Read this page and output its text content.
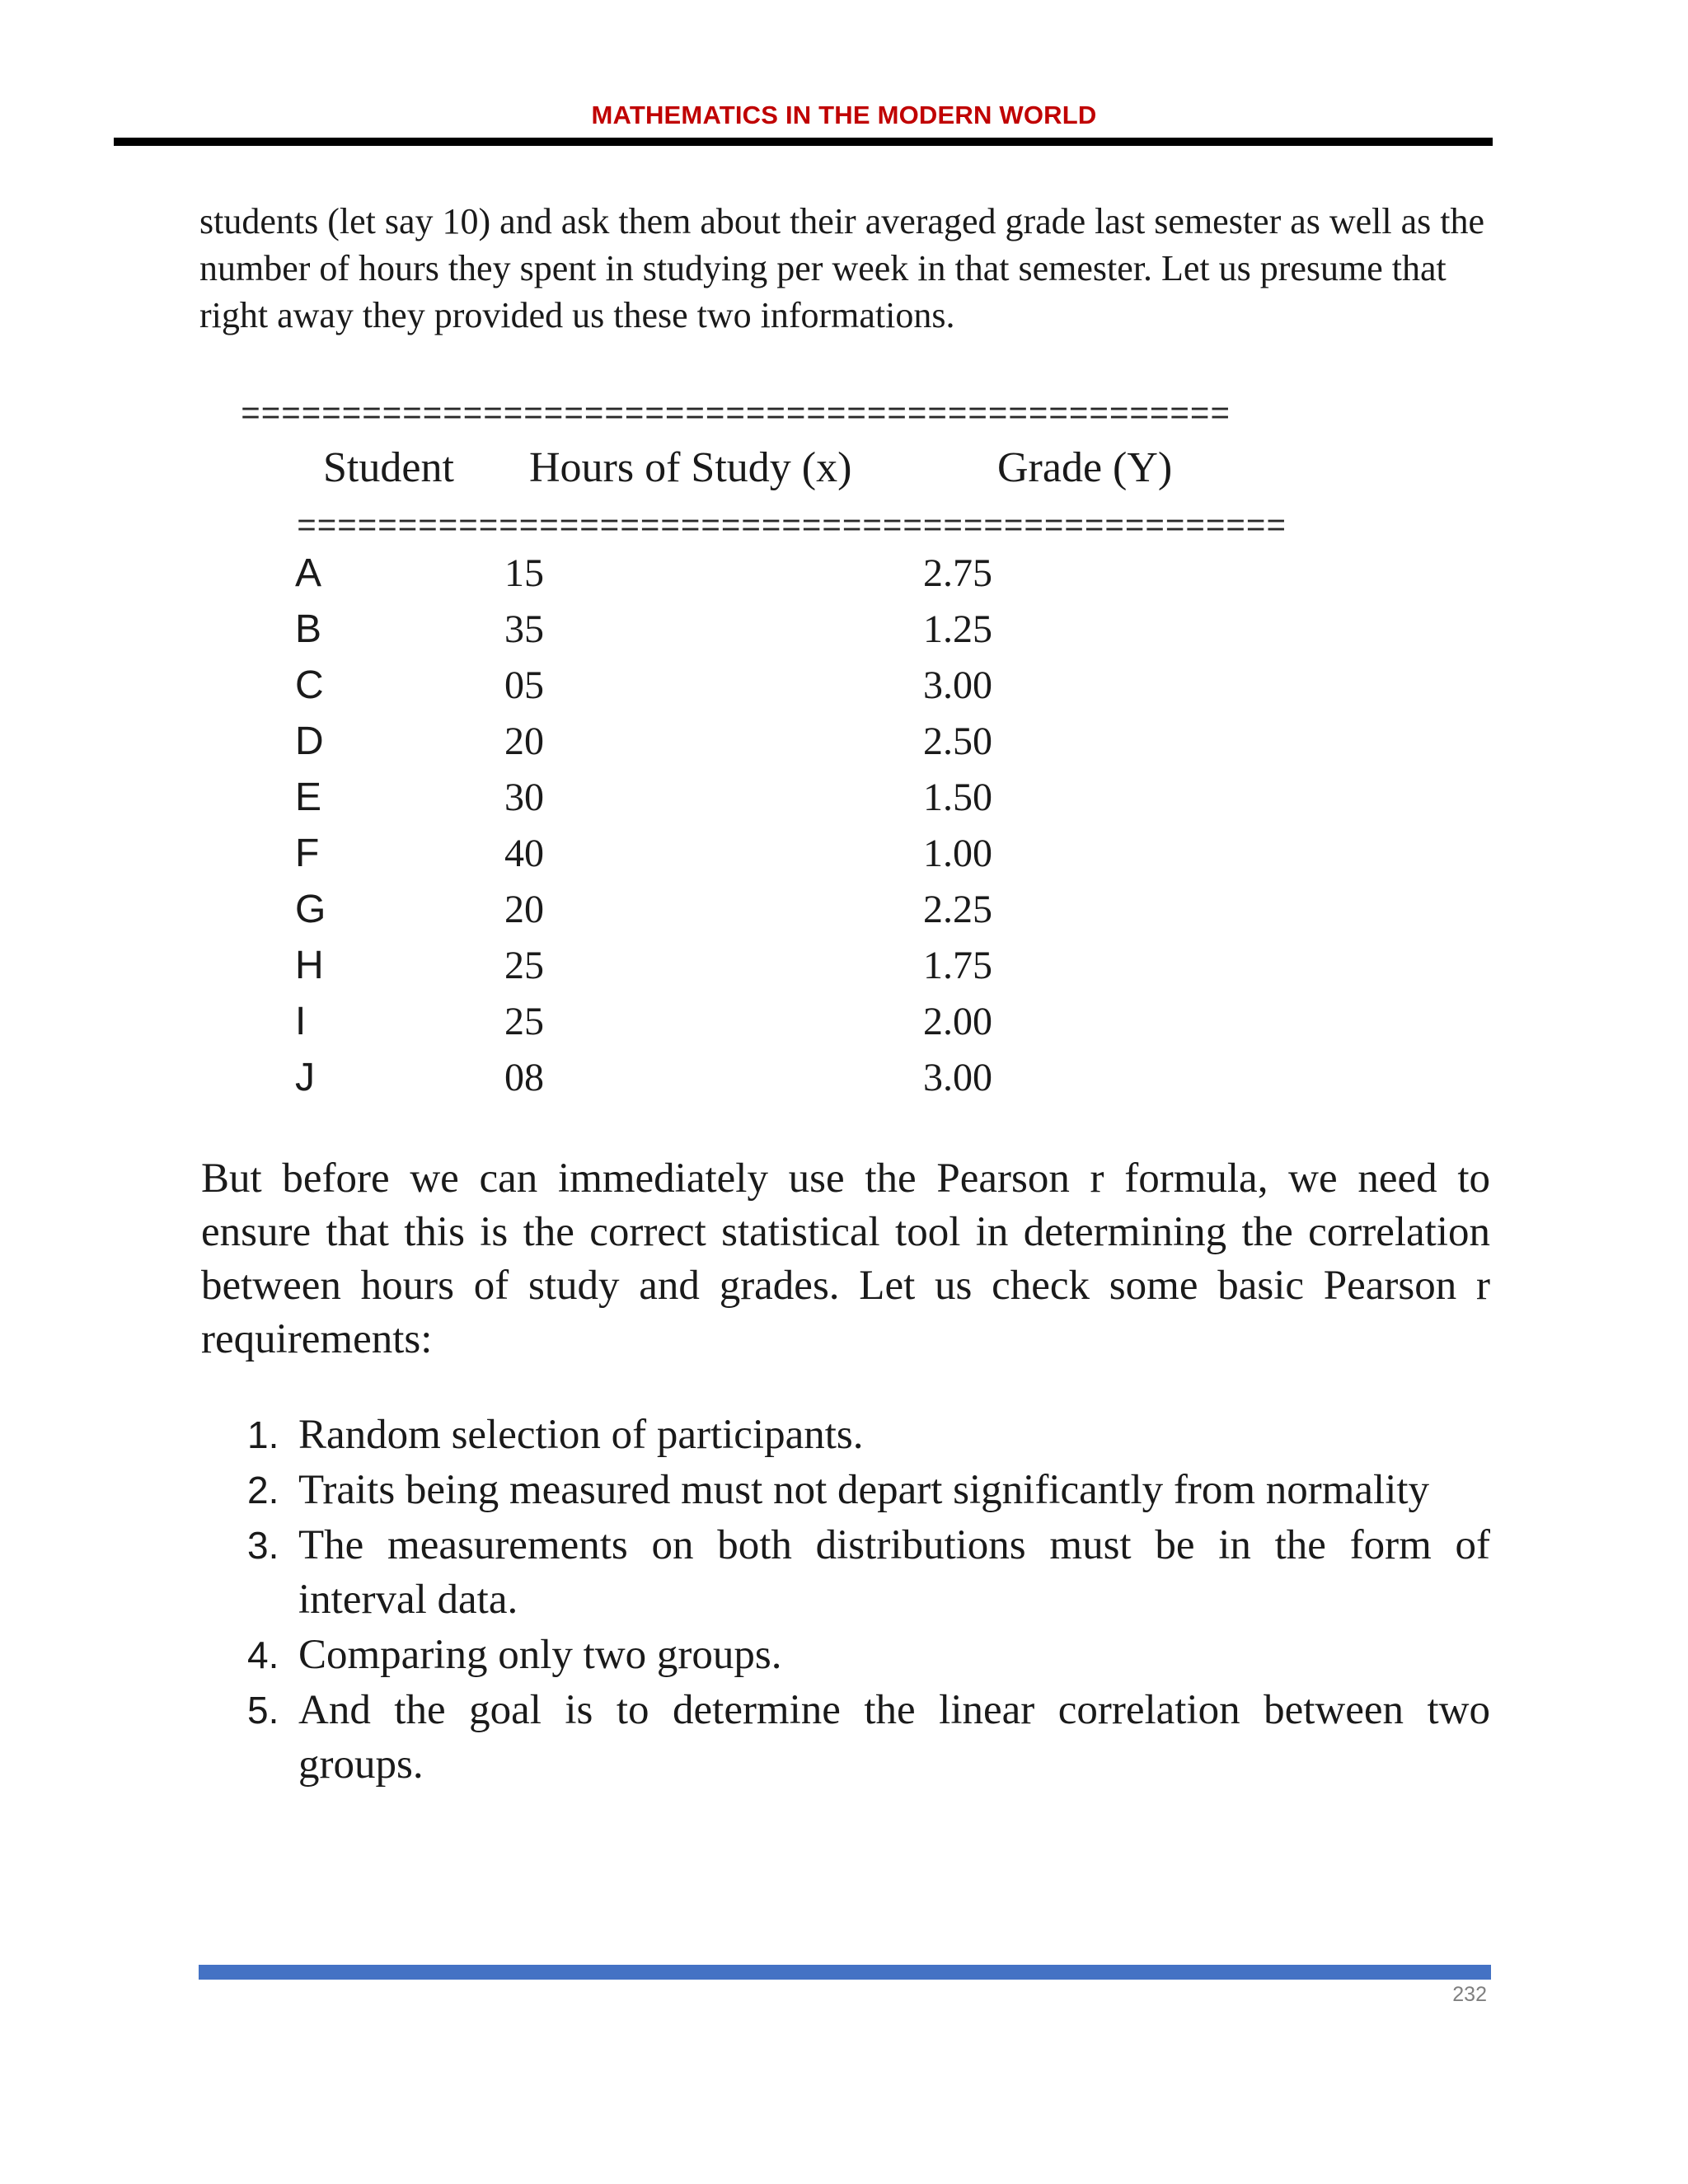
MATHEMATICS IN THE MODERN WORLD

students (let say 10) and ask them about their averaged grade last semester as well as the number of hours they spent in studying per week in that semester. Let us presume that right away they provided us these two informations.

=================================================
Student Hours of Study (x)	Grade (Y)
=================================================
A	15	2.75
B	35	1.25
C	05	3.00
D	20	2.50
E	30	1.50
F	40	1.00
G	20	2.25
H	25	1.75
I	25	2.00
J	08	3.00

But before we can immediately use the Pearson r formula, we need to ensure that this is the correct statistical tool in determining the correlation between hours of study and grades. Let us check some basic Pearson r requirements:

1. Random selection of participants.
2. Traits being measured must not depart significantly from normality
3. The measurements on both distributions must be in the form of interval data.
4. Comparing only two groups.
5. And the goal is to determine the linear correlation between two groups.
232
